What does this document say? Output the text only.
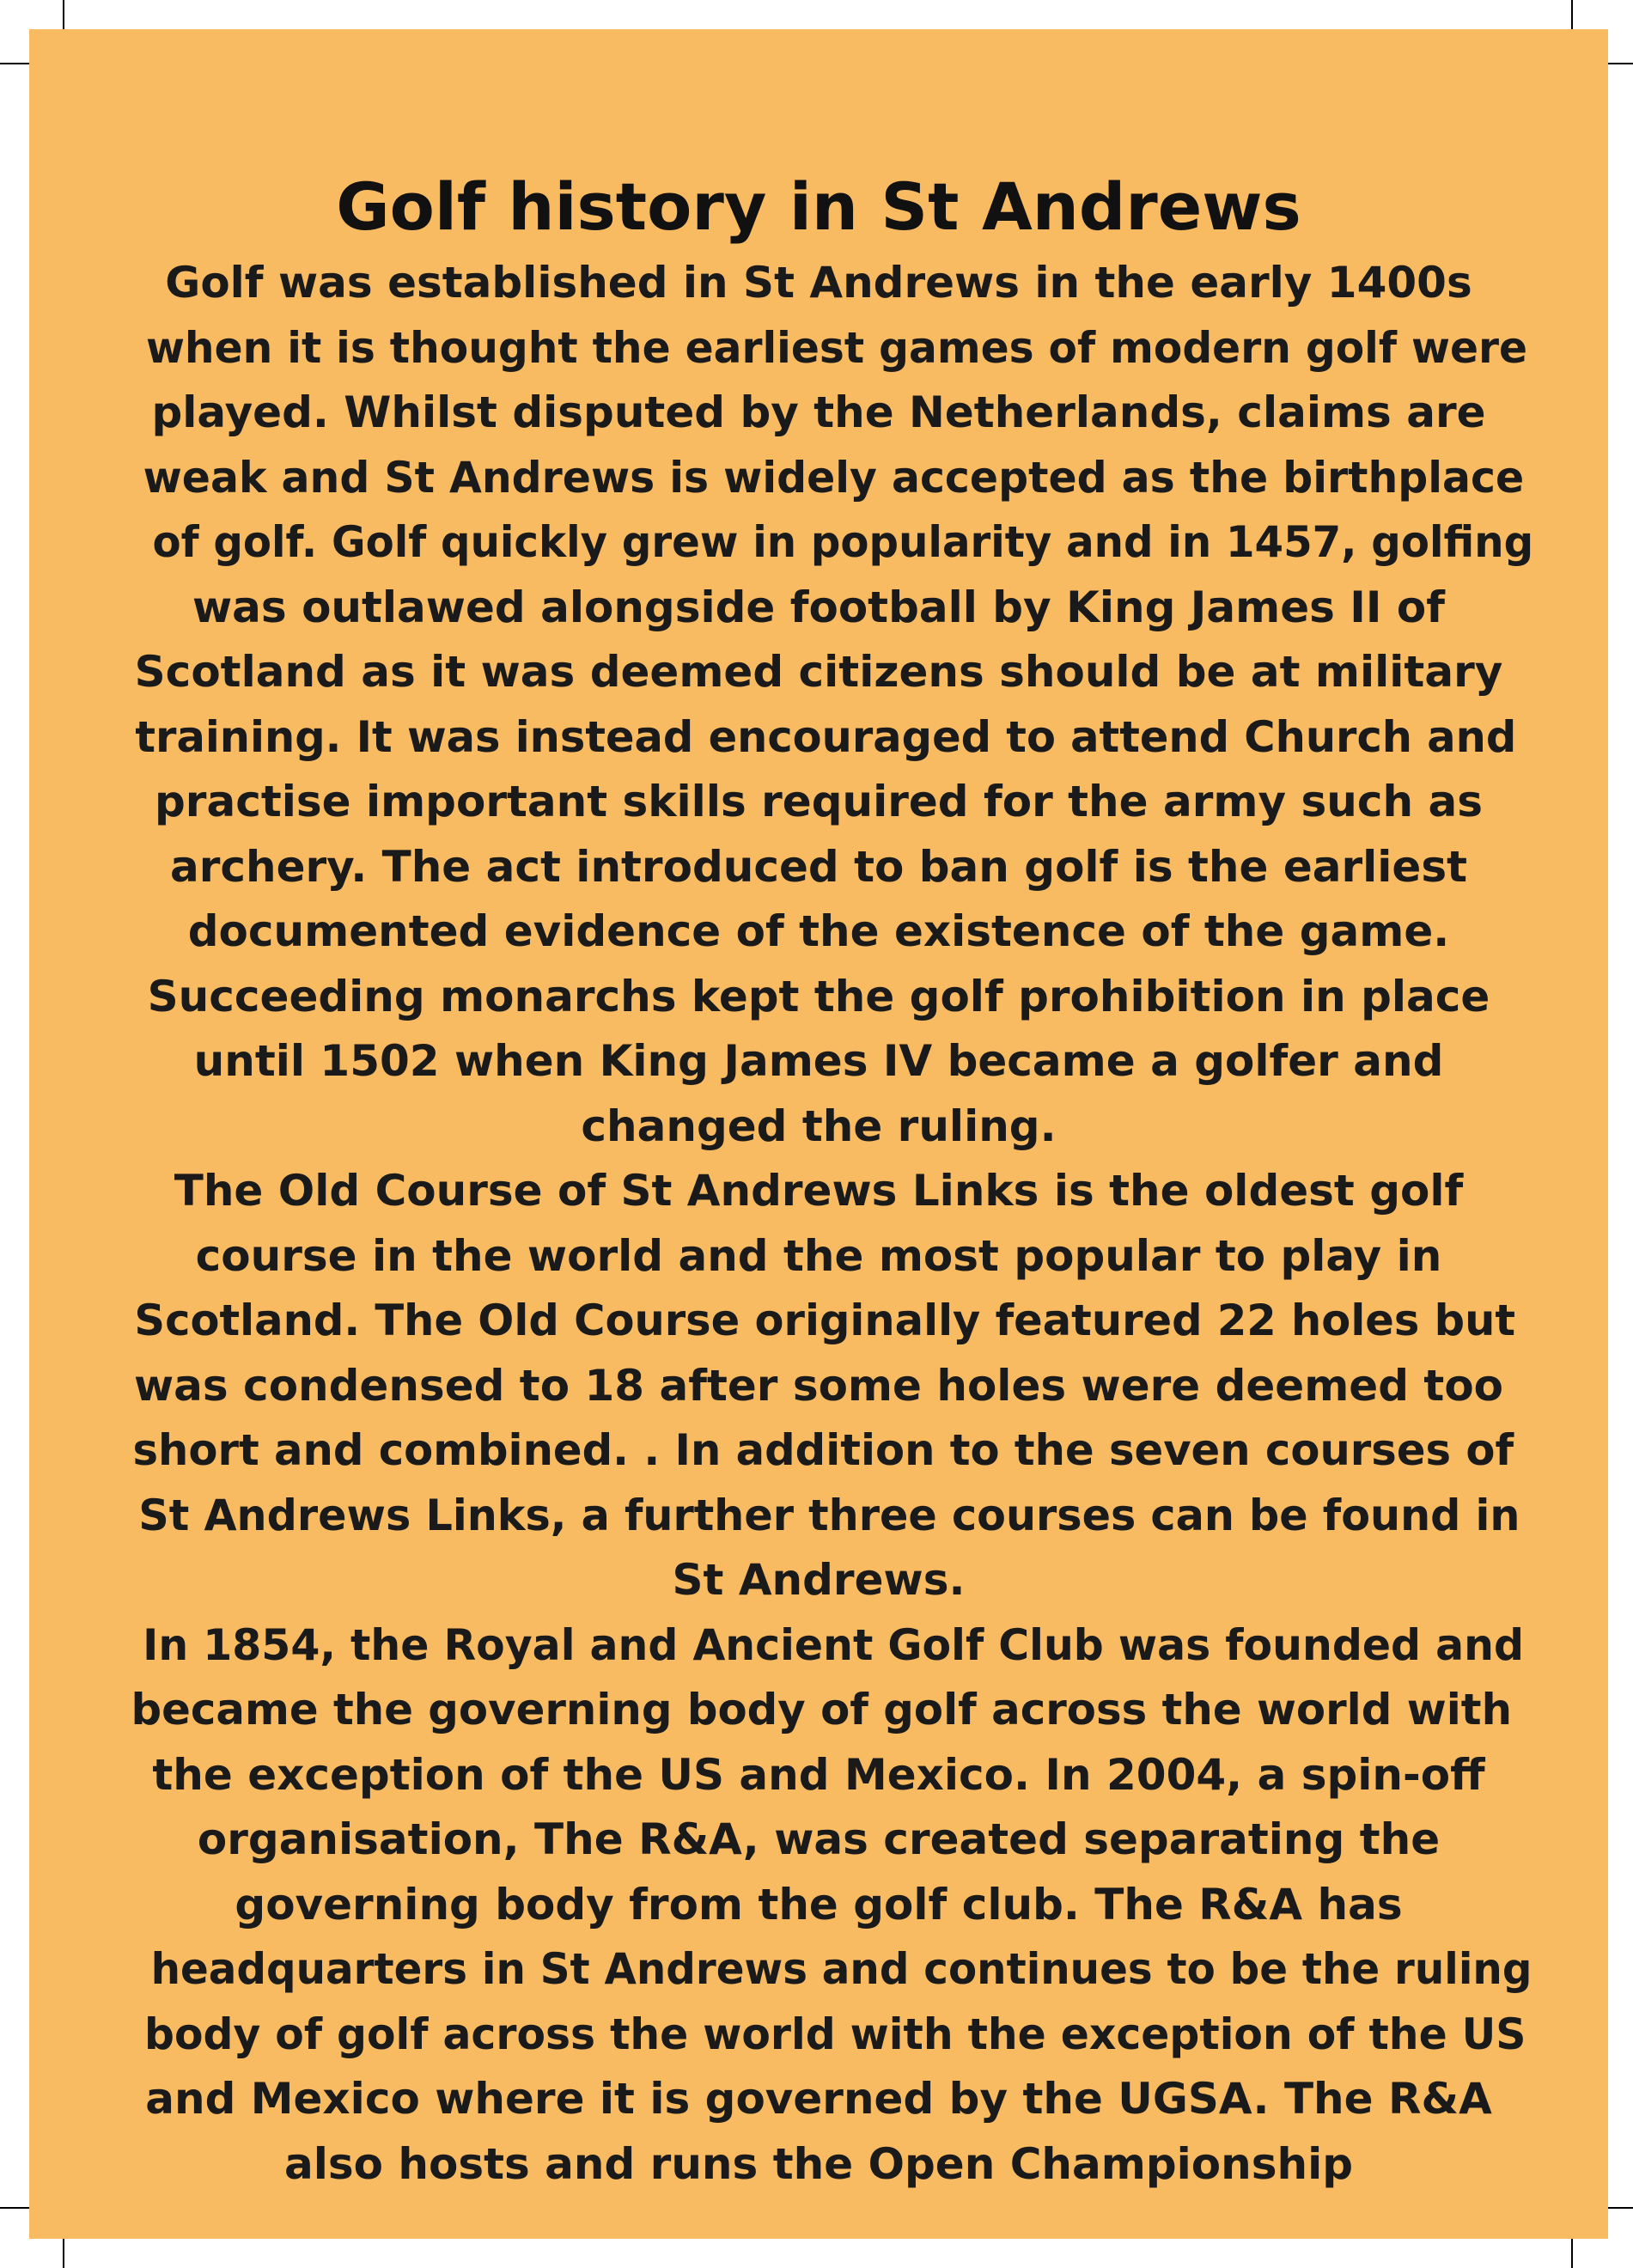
Golf history in St Andrews

Golf was established in St Andrews in the early 1400s
when it is thought the earliest games of modern golf were
played. Whilst disputed by the Netherlands, claims are
weak and St Andrews is widely accepted as the birthplace
of golf. Golf quickly grew in popularity and in 1457, golfing
was outlawed alongside football by King James II of
Scotland as it was deemed citizens should be at military
training. It was instead encouraged to attend Church and
practise important skills required for the army such as
archery. The act introduced to ban golf is the earliest
documented evidence of the existence of the game.
Succeeding monarchs kept the golf prohibition in place
until 1502 when King James IV became a golfer and
changed the ruling.

The Old Course of St Andrews Links is the oldest golf
course in the world and the most popular to play in
Scotland. The Old Course originally featured 22 holes but
was condensed to 18 after some holes were deemed too
short and combined. . In addition to the seven courses of
St Andrews Links, a further three courses can be found in
St Andrews.

In 1854, the Royal and Ancient Golf Club was founded and
became the governing body of golf across the world with
the exception of the US and Mexico. In 2004, a spin-off
organisation, The R&A, was created separating the
governing body from the golf club. The R&A has
headquarters in St Andrews and continues to be the ruling
body of golf across the world with the exception of the US
and Mexico where it is governed by the UGSA. The R&A
also hosts and runs the Open Championship
